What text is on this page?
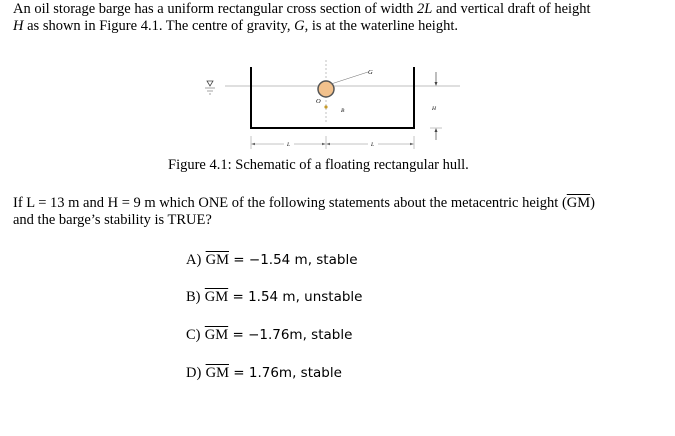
An oil storage barge has a uniform rectangular cross section of width 2L and vertical draft of height
H as shown in Figure 4.1. The centre of gravity, G, is at the waterline height.
G
O
B	H
L	L
Figure 4.1: Schematic of a floating rectangular hull.
If L = 13 m and H = 9 m which ONE of the following statements about the metacentric height $(\overline{GM})$
and the barge’s stability is TRUE?
A) $\overline{GM} = -1.54$ m, stable
B) $\overline{GM} = 1.54$ m, unstable
C) $\overline{GM} = -1.76m$, stable
D) $\overline{GM} = 1.76m$, stable
